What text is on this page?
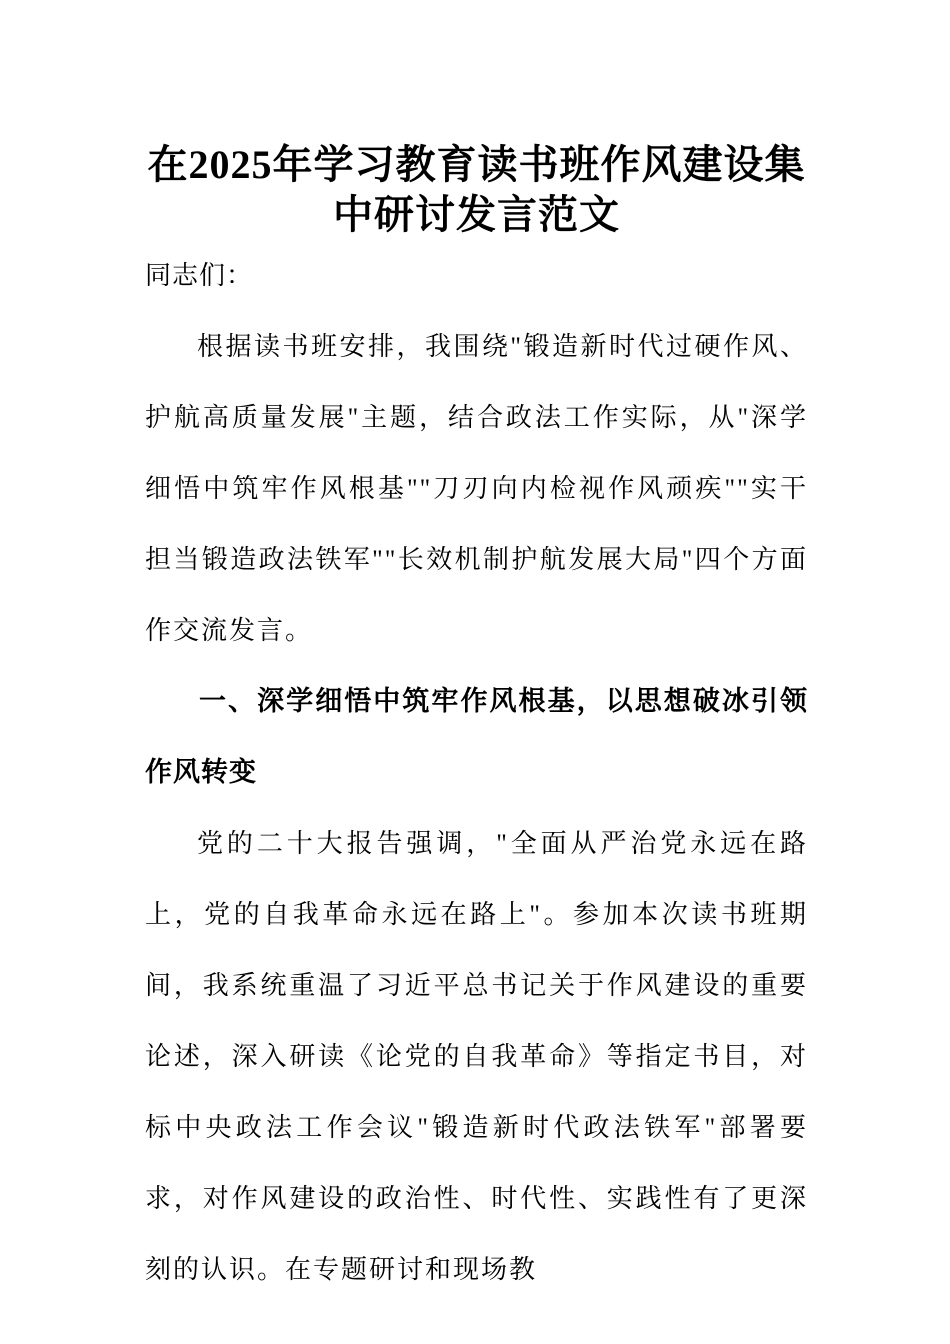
在2025年学习教育读书班作风建设集中研讨发言范文

同志们：

根据读书班安排，我围绕"锻造新时代过硬作风、护航高质量发展"主题，结合政法工作实际，从"深学细悟中筑牢作风根基""刀刃向内检视作风顽疾""实干担当锻造政法铁军""长效机制护航发展大局"四个方面作交流发言。

一、深学细悟中筑牢作风根基，以思想破冰引领作风转变

党的二十大报告强调，"全面从严治党永远在路上，党的自我革命永远在路上"。参加本次读书班期间，我系统重温了习近平总书记关于作风建设的重要论述，深入研读《论党的自我革命》等指定书目，对标中央政法工作会议"锻造新时代政法铁军"部署要求，对作风建设的政治性、时代性、实践性有了更深刻的认识。在专题研讨和现场教
